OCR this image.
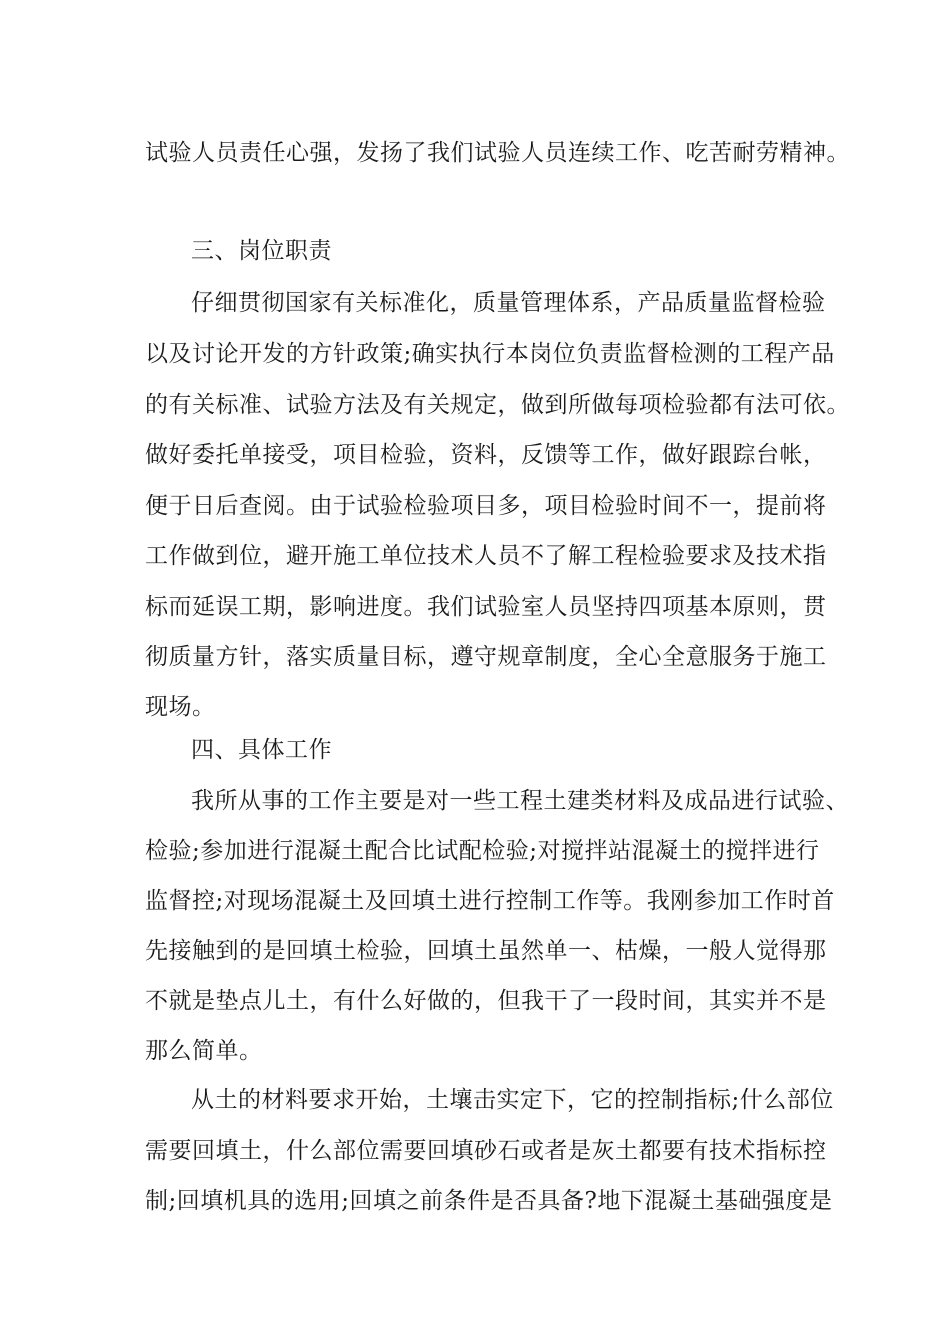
试验人员责任心强，发扬了我们试验人员连续工作、吃苦耐劳精神。
三、岗位职责
仔细贯彻国家有关标准化，质量管理体系，产品质量监督检验
以及讨论开发的方针政策;确实执行本岗位负责监督检测的工程产品
的有关标准、试验方法及有关规定，做到所做每项检验都有法可依。
做好委托单接受，项目检验，资料，反馈等工作，做好跟踪台帐，
便于日后查阅。由于试验检验项目多，项目检验时间不一，提前将
工作做到位，避开施工单位技术人员不了解工程检验要求及技术指
标而延误工期，影响进度。我们试验室人员坚持四项基本原则，贯
彻质量方针，落实质量目标，遵守规章制度，全心全意服务于施工
现场。
四、具体工作
我所从事的工作主要是对一些工程土建类材料及成品进行试验、
检验;参加进行混凝土配合比试配检验;对搅拌站混凝土的搅拌进行
监督控;对现场混凝土及回填土进行控制工作等。我刚参加工作时首
先接触到的是回填土检验，回填土虽然单一、枯燥，一般人觉得那
不就是垫点儿土，有什么好做的，但我干了一段时间，其实并不是
那么简单。
从土的材料要求开始，土壤击实定下，它的控制指标;什么部位
需要回填土，什么部位需要回填砂石或者是灰土都要有技术指标控
制;回填机具的选用;回填之前条件是否具备?地下混凝土基础强度是
